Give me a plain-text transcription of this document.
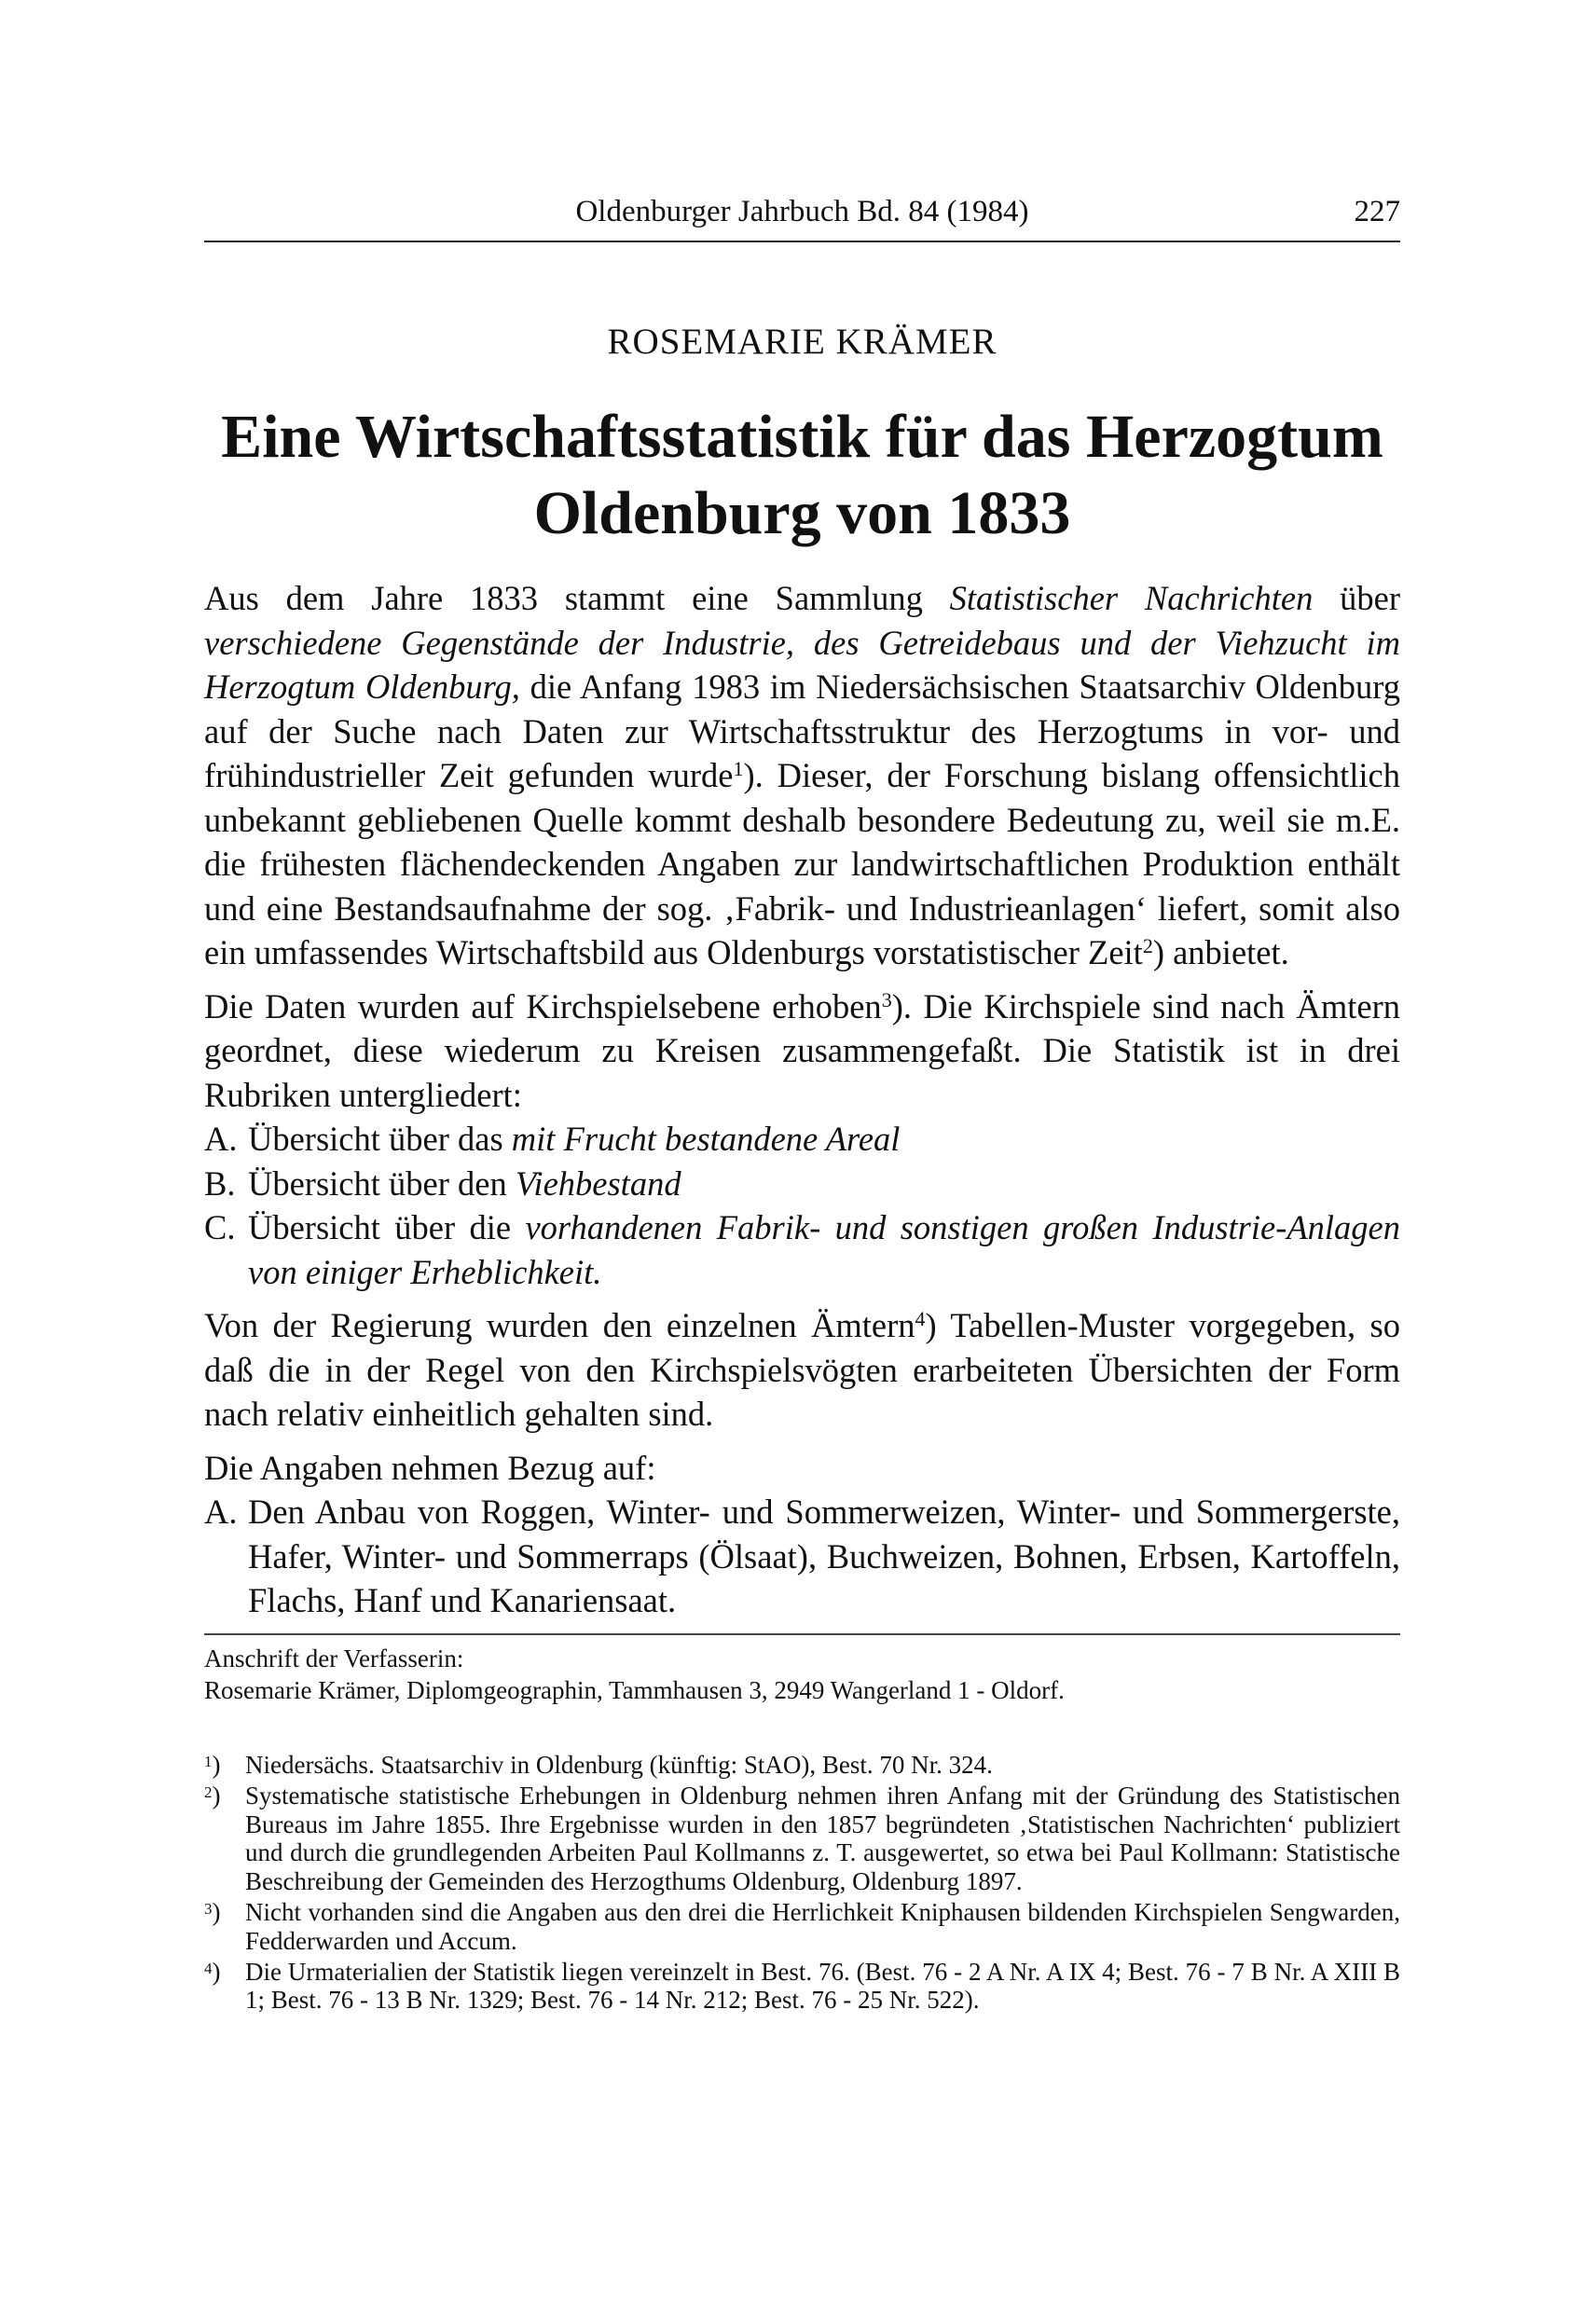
Oldenburger Jahrbuch Bd. 84 (1984)	227
ROSEMARIE KRÄMER
Eine Wirtschaftsstatistik für das Herzogtum
Oldenburg von 1833

Aus dem Jahre 1833 stammt eine Sammlung Statistischer Nachrichten über verschiedene Gegenstände der Industrie, des Getreidebaus und der Viehzucht im Herzogtum Oldenburg, die Anfang 1983 im Niedersächsischen Staatsarchiv Oldenburg auf der Suche nach Daten zur Wirtschaftsstruktur des Herzogtums in vor- und frühindustrieller Zeit gefunden wurde$^1$). Dieser, der Forschung bislang offensichtlich unbekannt gebliebenen Quelle kommt deshalb besondere Bedeutung zu, weil sie m.E. die frühesten flächendeckenden Angaben zur landwirtschaftlichen Produktion enthält und eine Bestandsaufnahme der sog. ‚Fabrik- und Industrieanlagen‘ liefert, somit also ein umfassendes Wirtschaftsbild aus Oldenburgs vorstatistischer Zeit$^2$) anbietet.

Die Daten wurden auf Kirchspielsebene erhoben$^3$). Die Kirchspiele sind nach Ämtern geordnet, diese wiederum zu Kreisen zusammengefaßt. Die Statistik ist in drei Rubriken untergliedert:

A. Übersicht über das mit Frucht bestandene Areal
B. Übersicht über den Viehbestand
C. Übersicht über die vorhandenen Fabrik- und sonstigen großen Industrie-Anlagen von einiger Erheblichkeit.

Von der Regierung wurden den einzelnen Ämtern$^4$) Tabellen-Muster vorgegeben, so daß die in der Regel von den Kirchspielsvögten erarbeiteten Übersichten der Form nach relativ einheitlich gehalten sind.

Die Angaben nehmen Bezug auf:

A. Den Anbau von Roggen, Winter- und Sommerweizen, Winter- und Sommergerste, Hafer, Winter- und Sommerraps (Ölsaat), Buchweizen, Bohnen, Erbsen, Kartoffeln, Flachs, Hanf und Kanariensaat.
Anschrift der Verfasserin:
Rosemarie Krämer, Diplomgeographin, Tammhausen 3, 2949 Wangerland 1 - Oldorf.
$^1$) Niedersächs. Staatsarchiv in Oldenburg (künftig: StAO), Best. 70 Nr. 324.
$^2$) Systematische statistische Erhebungen in Oldenburg nehmen ihren Anfang mit der Gründung des Statistischen Bureaus im Jahre 1855. Ihre Ergebnisse wurden in den 1857 begründeten ‚Statistischen Nachrichten‘ publiziert und durch die grundlegenden Arbeiten Paul Kollmanns z. T. ausgewertet, so etwa bei Paul Kollmann: Statistische Beschreibung der Gemeinden des Herzogthums Oldenburg, Oldenburg 1897.
$^3$) Nicht vorhanden sind die Angaben aus den drei die Herrlichkeit Kniphausen bildenden Kirchspielen Sengwarden, Fedderwarden und Accum.
$^4$) Die Urmaterialien der Statistik liegen vereinzelt in Best. 76. (Best. 76 - 2 A Nr. A IX 4; Best. 76 - 7 B Nr. A XIII B 1; Best. 76 - 13 B Nr. 1329; Best. 76 - 14 Nr. 212; Best. 76 - 25 Nr. 522).
